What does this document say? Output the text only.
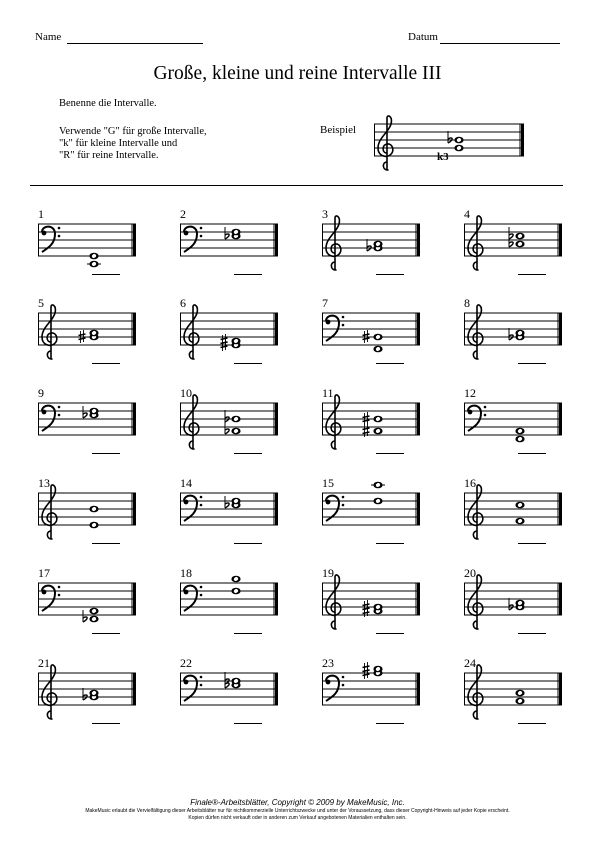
Name	Datum
Große, kleine und reine Intervalle III
Benenne die Intervalle.
Verwende "G" für große Intervalle,
"k" für kleine Intervalle und
"R" für reine Intervalle.
Beispiel
k3
1	2	3	4
5	6	7	8
9	10	11	12
13	14	15	16
17	18	19	20
21	22	23	24
Finale®-Arbeitsblätter, Copyright © 2009 by MakeMusic, Inc.
MakeMusic erlaubt die Vervielfältigung dieser Arbeitsblätter nur für nichtkommerzielle Unterrichtszwecke und unter der Voraussetzung, dass dieser Copyright-Hinweis auf jeder Kopie erscheint.
Kopien dürfen nicht verkauft oder in anderen zum Verkauf angebotenen Materialien enthalten sein.
